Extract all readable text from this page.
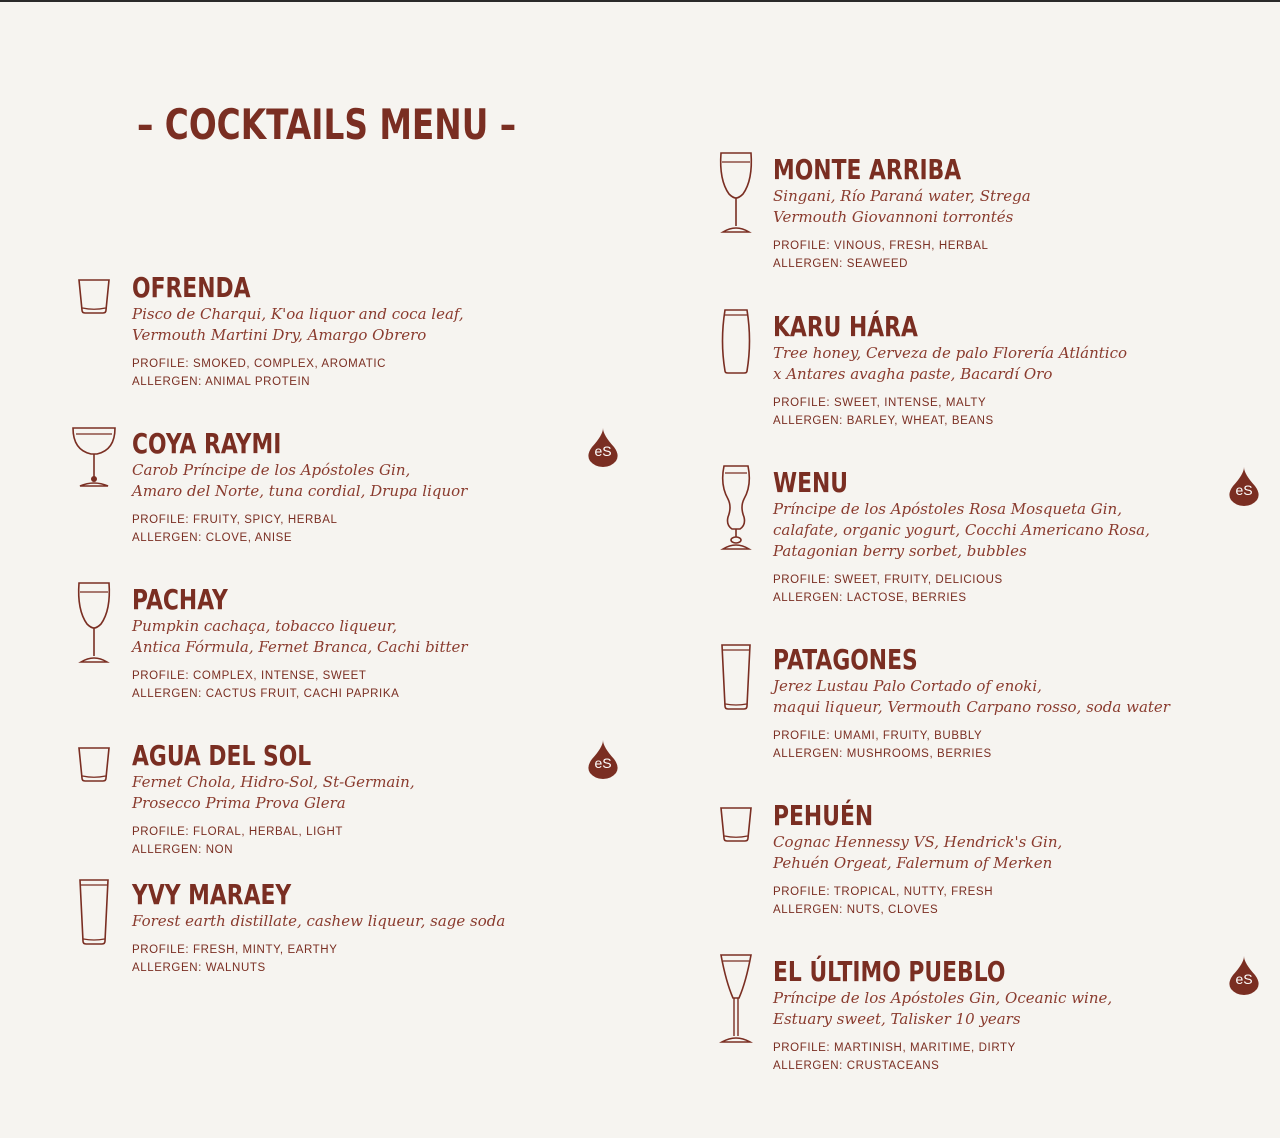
– COCKTAILS MENU –
OFRENDA

Pisco de Charqui, K'oa liquor and coca leaf,

Vermouth Martini Dry, Amargo Obrero

PROFILE: SMOKED, COMPLEX, AROMATIC

ALLERGEN: ANIMAL PROTEIN

COYA RAYMI

Carob Príncipe de los Apóstoles Gin,

Amaro del Norte, tuna cordial, Drupa liquor

PROFILE: FRUITY, SPICY, HERBAL

ALLERGEN: CLOVE, ANISE

eS
PACHAY

Pumpkin cachaça, tobacco liqueur,

Antica Fórmula, Fernet Branca, Cachi bitter

PROFILE: COMPLEX, INTENSE, SWEET

ALLERGEN: CACTUS FRUIT, CACHI PAPRIKA

AGUA DEL SOL

Fernet Chola, Hidro-Sol, St-Germain,

Prosecco Prima Prova Glera

PROFILE: FLORAL, HERBAL, LIGHT

ALLERGEN: NON

eS
YVY MARAEY

Forest earth distillate, cashew liqueur, sage soda

PROFILE: FRESH, MINTY, EARTHY

ALLERGEN: WALNUTS

MONTE ARRIBA

Singani, Río Paraná water, Strega

Vermouth Giovannoni torrontés

PROFILE: VINOUS, FRESH, HERBAL

ALLERGEN: SEAWEED

KARU HÁRA

Tree honey, Cerveza de palo Florería Atlántico

x Antares avagha paste, Bacardí Oro

PROFILE: SWEET, INTENSE, MALTY

ALLERGEN: BARLEY, WHEAT, BEANS

WENU

Príncipe de los Apóstoles Rosa Mosqueta Gin,

calafate, organic yogurt, Cocchi Americano Rosa,

Patagonian berry sorbet, bubbles

PROFILE: SWEET, FRUITY, DELICIOUS

ALLERGEN: LACTOSE, BERRIES

eS
PATAGONES

Jerez Lustau Palo Cortado of enoki,

maqui liqueur, Vermouth Carpano rosso, soda water

PROFILE: UMAMI, FRUITY, BUBBLY

ALLERGEN: MUSHROOMS, BERRIES

PEHUÉN

Cognac Hennessy VS, Hendrick's Gin,

Pehuén Orgeat, Falernum of Merken

PROFILE: TROPICAL, NUTTY, FRESH

ALLERGEN: NUTS, CLOVES

EL ÚLTIMO PUEBLO

Príncipe de los Apóstoles Gin, Oceanic wine,

Estuary sweet, Talisker 10 years

PROFILE: MARTINISH, MARITIME, DIRTY

ALLERGEN: CRUSTACEANS

eS
